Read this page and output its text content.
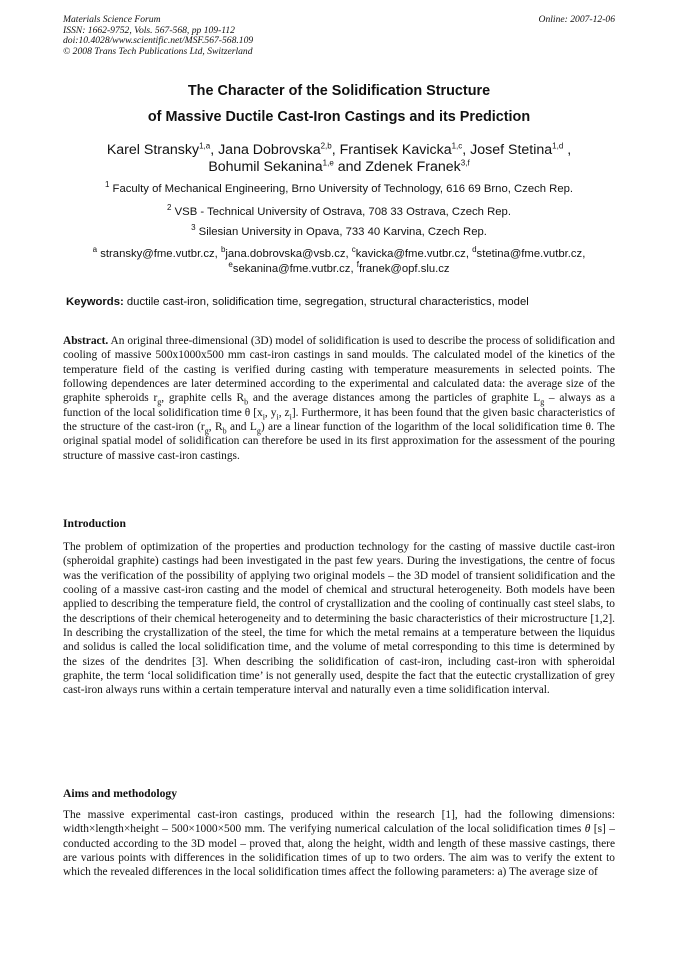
Materials Science Forum
ISSN: 1662-9752, Vols. 567-568, pp 109-112
doi:10.4028/www.scientific.net/MSF.567-568.109
© 2008 Trans Tech Publications Ltd, Switzerland
Online: 2007-12-06
The Character of the Solidification Structure
of Massive Ductile Cast-Iron Castings and its Prediction
Karel Stransky$^{1,a}$, Jana Dobrovska$^{2,b}$, Frantisek Kavicka$^{1,c}$, Josef Stetina$^{1,d}$ ,
Bohumil Sekanina$^{1,e}$ and Zdenek Franek$^{3,f}$
$^1$ Faculty of Mechanical Engineering, Brno University of Technology, 616 69 Brno, Czech Rep.
$^2$ VSB - Technical University of Ostrava, 708 33 Ostrava, Czech Rep.
$^3$ Silesian University in Opava, 733 40 Karvina, Czech Rep.
$^a$ stransky@fme.vutbr.cz, $^b$jana.dobrovska@vsb.cz, $^c$kavicka@fme.vutbr.cz, $^d$stetina@fme.vutbr.cz,
$^e$sekanina@fme.vutbr.cz, $^f$franek@opf.slu.cz
Keywords: ductile cast-iron, solidification time, segregation, structural characteristics, model
Abstract. An original three-dimensional (3D) model of solidification is used to describe the process of solidification and cooling of massive 500x1000x500 mm cast-iron castings in sand moulds. The calculated model of the kinetics of the temperature field of the casting is verified during casting with temperature measurements in selected points. The following dependences are later determined according to the experimental and calculated data: the average size of the graphite spheroids $r_g$, graphite cells $R_b$ and the average distances among the particles of graphite $L_g$ – always as a function of the local solidification time θ [$x_i$, $y_i$, $z_i$]. Furthermore, it has been found that the given basic characteristics of the structure of the cast-iron ($r_g$, $R_b$ and $L_g$) are a linear function of the logarithm of the local solidification time θ. The original spatial model of solidification can therefore be used in its first approximation for the assessment of the pouring structure of massive cast-iron castings.
Introduction
The problem of optimization of the properties and production technology for the casting of massive ductile cast-iron (spheroidal graphite) castings had been investigated in the past few years. During the investigations, the centre of focus was the verification of the possibility of applying two original models – the 3D model of transient solidification and the cooling of a massive cast-iron casting and the model of chemical and structural heterogeneity. Both models have been applied to describing the temperature field, the control of crystallization and the cooling of continually cast steel slabs, to the descriptions of their chemical heterogeneity and to determining the basic characteristics of their microstructure [1,2]. In describing the crystallization of the steel, the time for which the metal remains at a temperature between the liquidus and solidus is called the local solidification time, and the volume of metal corresponding to this time is determined by the sizes of the dendrites [3]. When describing the solidification of cast-iron, including cast-iron with spheroidal graphite, the term ‘local solidification time’ is not generally used, despite the fact that the eutectic crystallization of grey cast-iron always runs within a certain temperature interval and naturally even a time solidification interval.
Aims and methodology
The massive experimental cast-iron castings, produced within the research [1], had the following dimensions: width×length×height – 500×1000×500 mm. The verifying numerical calculation of the local solidification times θ [s] – conducted according to the 3D model – proved that, along the height, width and length of these massive castings, there are various points with differences in the solidification times of up to two orders. The aim was to verify the extent to which the revealed differences in the local solidification times affect the following parameters: a) The average size of
